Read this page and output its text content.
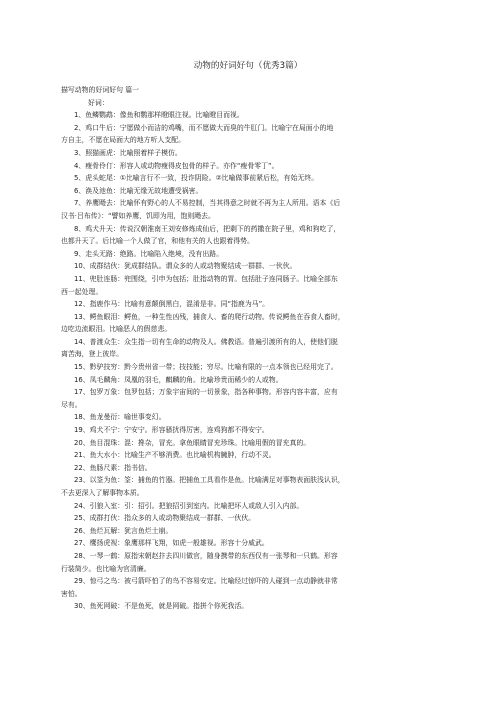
动物的好词好句（优秀3篇）
描写动物的好词好句 篇一
好词：
1、鱼鳞鹦鹉：像鱼和鹦那样瞪眼注视。比喻瞪目而视。
2、鸡口牛后：宁愿做小而洁的鸡嘴，而不愿做大而臭的牛肛门。比喻宁在局面小的地
方自主，不愿在局面大的地方听人支配。
3、照猫画虎：比喻照着样子模仿。
4、瘦骨伶仃：形容人或动物瘦得皮包骨的样子。亦作“瘦骨零丁”。
5、虎头蛇尾：①比喻言行不一致，投诈阴险。②比喻做事前紧后松，有始无终。
6、涣及池鱼：比喻无缘无故地遭受祸害。
7、养鹰飏去：比喻怀有野心的人不易控制，当其得意之时就不再为主人所用。语本《后
汉书·吕布传》：“譬如养鹰，饥即为用，饱则飏去。
8、鸡犬升天：传说汉朝淮南王刘安修炼成仙后，把剩下的药撒在院子里，鸡和狗吃了，
也都升天了。后比喻一个人做了官，和他有关的人也跟着得势。
9、走头无路：绝路。比喻陷入绝境，没有出路。
10、成群结伙：犹成群结队。谓众多的人或动物聚结成一群群、一伙伙。
11、兜肚连肠：兜围绕，引申为包括；肚指动物的胃。包括肚子连同肠子。比喻全部东
西一起处理。
12、指鹿作马：比喻有意颠倒黑白，混淆是非。同“指鹿为马”。
13、鳄鱼眼泪：鳄鱼，一种生性凶残，捕食人、畜的爬行动物。传说鳄鱼在吞食人畜时，
边吃边流眼泪。比喻恶人的假慈悲。
14、普渡众生：众生指一切有生命的动物及人。佛教语。普遍引渡所有的人，使他们脱
离苦海，登上彼岸。
15、黔驴技穷：黔今贵州省一带；技技能；穷尽。比喻有限的一点本领也已经用完了。
16、凤毛麟角：凤凰的羽毛，麒麟的角。比喻珍贵而稀少的人或物。
17、包罗万象：包罗包括；万象宇宙间的一切景象，指各种事物。形容内容丰富，应有
尽有。
18、鱼龙曼衍：喻世事变幻。
19、鸡犬不宁：宁安宁。形容骚扰得厉害，连鸡狗都不得安宁。
20、鱼目混珠：混：搀杂，冒充。拿鱼眼睛冒充珍珠。比喻用假的冒充真的。
21、鱼大水小：比喻生产不够消费。也比喻机构臃肿，行动不灵。
22、鱼肠尺素：指书信。
23、以筌为鱼：筌：捕鱼的竹器。把捕鱼工具看作是鱼。比喻满足对事物表面肤浅认识，
不去更深入了解事物本质。
24、引狼入室：引：招引。把狼招引到室内。比喻把坏人或敌人引入内部。
25、成群打伙：指众多的人或动物聚结成一群群、一伙伙。
26、鱼烂瓦解：犹言鱼烂土崩。
27、鹰扬虎视：象鹰那样飞翔，如虎一般雄视。形容十分威武。
28、一琴一鹤：原指宋朝赵抃去四川做官，随身携带的东西仅有一张琴和一只鹤。形容
行装简少。也比喻为官清廉。
29、惊弓之鸟：被弓箭吓怕了的鸟不容易安定。比喻经过惊吓的人碰到一点动静就非常
害怕。
30、鱼死网破：不是鱼死，就是网破。指拼个你死我活。
